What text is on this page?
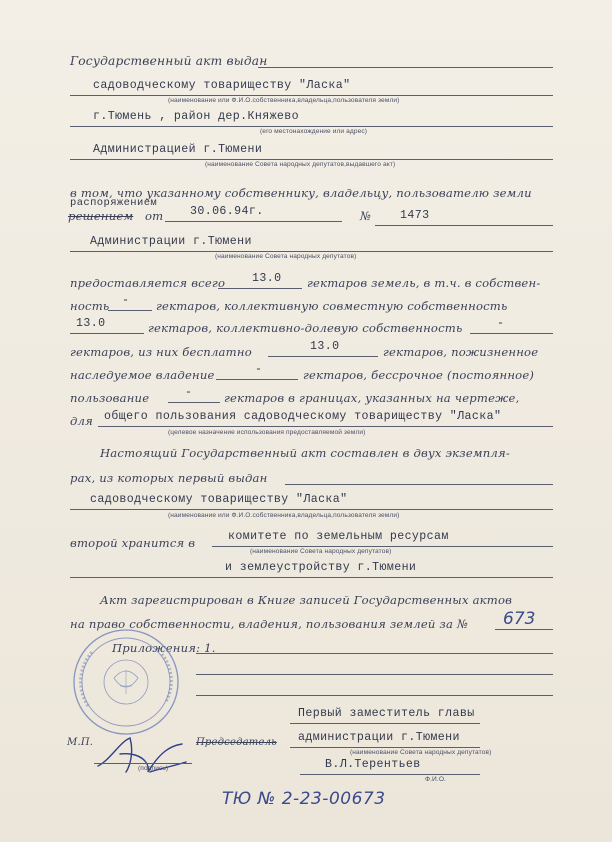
Государственный акт выдан
садоводческому товариществу "Ласка"
(наименование или Ф.И.О.собственника,владельца,пользователя земли)
г.Тюмень , район дер.Княжево
(его местонахождение или адрес)
Администрацией г.Тюмени
(наименование Совета народных депутатов,выдавшего акт)
в том, что указанному собственнику, владельцу, пользователю земли
распоряжением
решением от 30.06.94г.	№ 1473
Администрации г.Тюмени
(наименование Совета народных депутатов)
предоставляется всего 13.0 гектаров земель, в т.ч. в собствен-
ность - гектаров, коллективную совместную собственность
13.0	гектаров, коллективно-долевую собственность	-
гектаров, из них бесплатно	13.0	гектаров, пожизненное
наследуемое владение	-	гектаров, бессрочное (постоянное)
пользование	-	гектаров в границах, указанных на чертеже,
для общего пользования садоводческому товариществу "Ласка"
(целевое назначение использования предоставляемой земли)
Настоящий Государственный акт составлен в двух экземпля-
рах, из которых первый выдан
садоводческому товариществу "Ласка"
(наименование или Ф.И.О.собственника,владельца,пользователя земли)
второй хранится в	комитете по земельным ресурсам
(наименование Совета народных депутатов)
и землеустройству г.Тюмени
Акт зарегистрирован в Книге записей Государственных актов
на право собственности, владения, пользования землей за № 673
Приложения: 1.
Первый заместитель главы
М.П.	Председатель администрации г.Тюмени
(наименование Совета народных депутатов)
(подпись)	В.Л.Терентьев
Ф.И.О.
ТЮ № 2-23-00673
